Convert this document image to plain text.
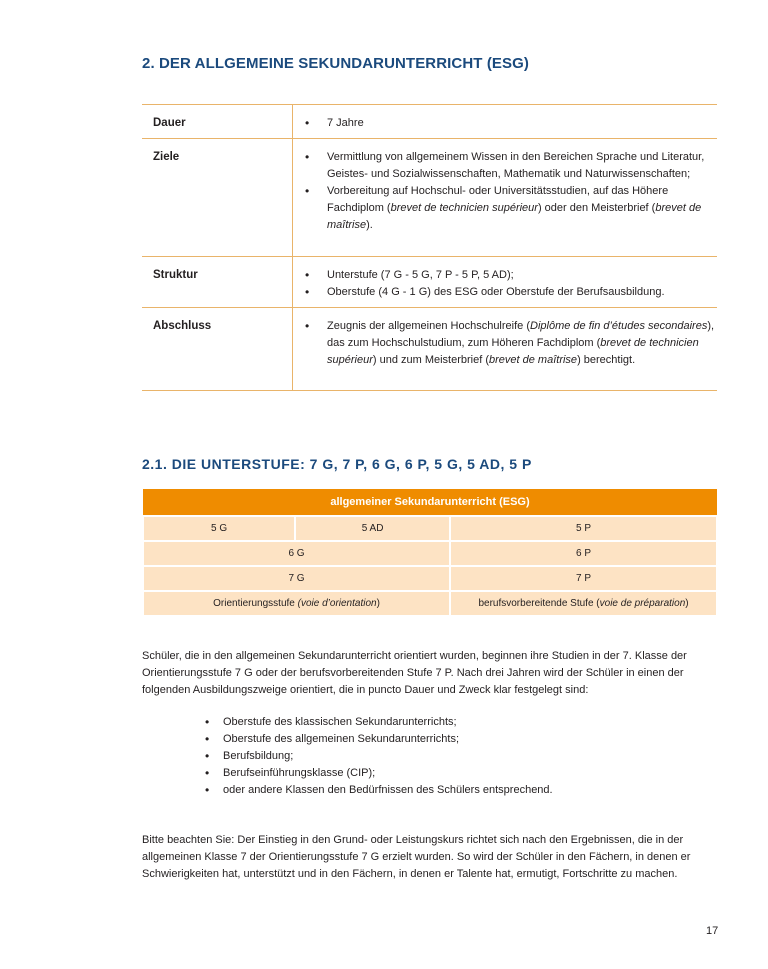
2. DER ALLGEMEINE SEKUNDARUNTERRICHT (ESG)
Dauer	• 7 Jahre
Ziele	• Vermittlung von allgemeinem Wissen in den Bereichen Sprache und Literatur, Geistes- und Sozialwissenschaften, Mathematik und Naturwissenschaften;
• Vorbereitung auf Hochschul- oder Universitätsstudien, auf das Höhere Fachdiplom (brevet de technicien supérieur) oder den Meisterbrief (brevet de maîtrise).
Struktur	• Unterstufe (7 G - 5 G, 7 P - 5 P, 5 AD);
• Oberstufe (4 G - 1 G) des ESG oder Oberstufe der Berufsausbildung.
Abschluss	• Zeugnis der allgemeinen Hochschulreife (Diplôme de fin d’études secondaires), das zum Hochschulstudium, zum Höheren Fachdiplom (brevet de technicien supérieur) und zum Meisterbrief (brevet de maîtrise) berechtigt.
2.1. DIE UNTERSTUFE: 7 G, 7 P, 6 G, 6 P, 5 G, 5 AD, 5 P
allgemeiner Sekundarunterricht (ESG)		
5 G	5 AD	5 P
6 G		6 P
7 G		7 P
Orientierungsstufe (voie d’orientation)		berufsvorbereitende Stufe (voie de préparation)

Schüler, die in den allgemeinen Sekundarunterricht orientiert wurden, beginnen ihre Studien in der 7. Klasse der Orientierungsstufe 7 G oder der berufsvorbereitenden Stufe 7 P. Nach drei Jahren wird der Schüler in einen der folgenden Ausbildungszweige orientiert, die in puncto Dauer und Zweck klar festgelegt sind:

• Oberstufe des klassischen Sekundarunterrichts;
• Oberstufe des allgemeinen Sekundarunterrichts;
• Berufsbildung;
• Berufseinführungsklasse (CIP);
• oder andere Klassen den Bedürfnissen des Schülers entsprechend.

Bitte beachten Sie: Der Einstieg in den Grund- oder Leistungskurs richtet sich nach den Ergebnissen, die in der allgemeinen Klasse 7 der Orientierungsstufe 7 G erzielt wurden. So wird der Schüler in den Fächern, in denen er Schwierigkeiten hat, unterstützt und in den Fächern, in denen er Talente hat, ermutigt, Fortschritte zu machen.

17
